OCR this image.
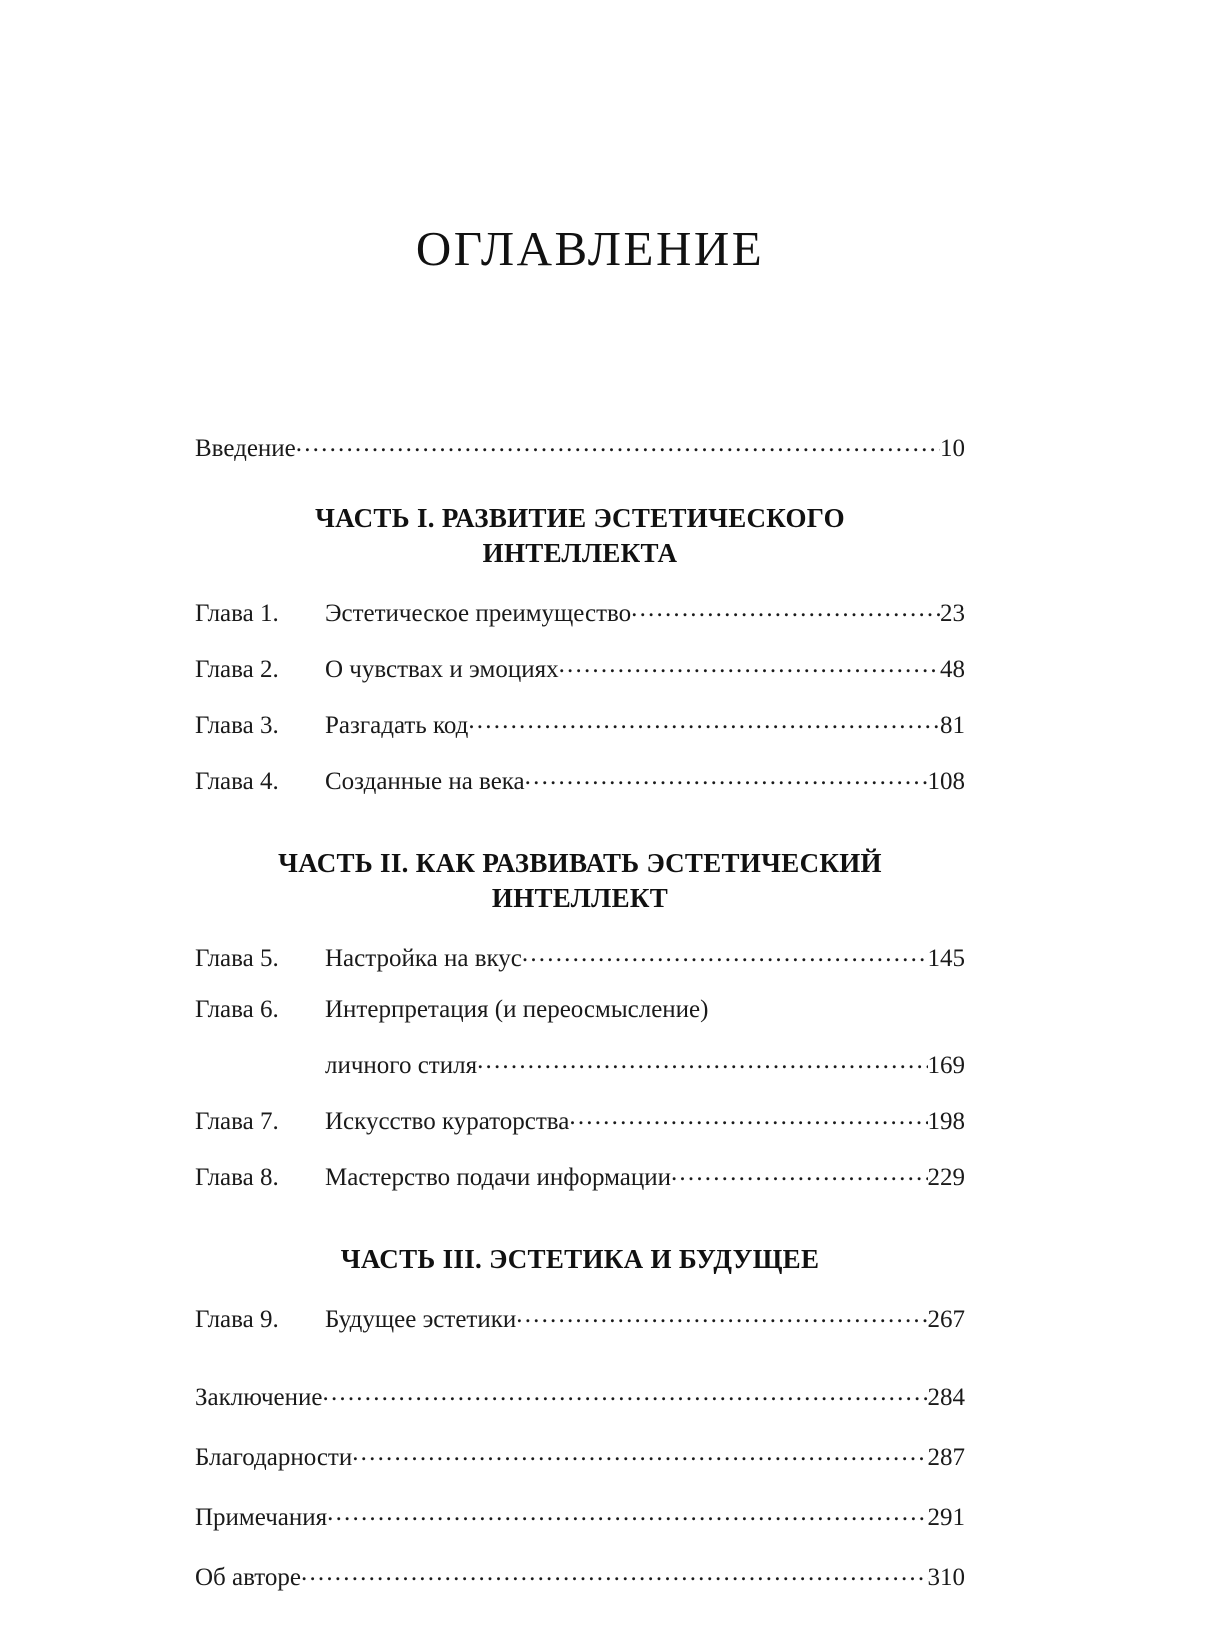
ОГЛАВЛЕНИЕ
Введение .....	10
ЧАСТЬ I. РАЗВИТИЕ ЭСТЕТИЧЕСКОГО
ИНТЕЛЛЕКТА
Глава 1.	Эстетическое преимущество .....	23
Глава 2.	О чувствах и эмоциях .....	48
Глава 3.	Разгадать код .....	81
Глава 4.	Созданные на века .....	108
ЧАСТЬ II. КАК РАЗВИВАТЬ ЭСТЕТИЧЕСКИЙ
ИНТЕЛЛЕКТ
Глава 5.	Настройка на вкус .....	145
Глава 6.	Интерпретация (и переосмысление)
личного стиля .....	169
Глава 7.	Искусство кураторства .....	198
Глава 8.	Мастерство подачи информации .....	229
ЧАСТЬ III. ЭСТЕТИКА И БУДУЩЕЕ
Глава 9.	Будущее эстетики .....	267
Заключение .....	284
Благодарности .....	287
Примечания .....	291
Об авторе .....	310
